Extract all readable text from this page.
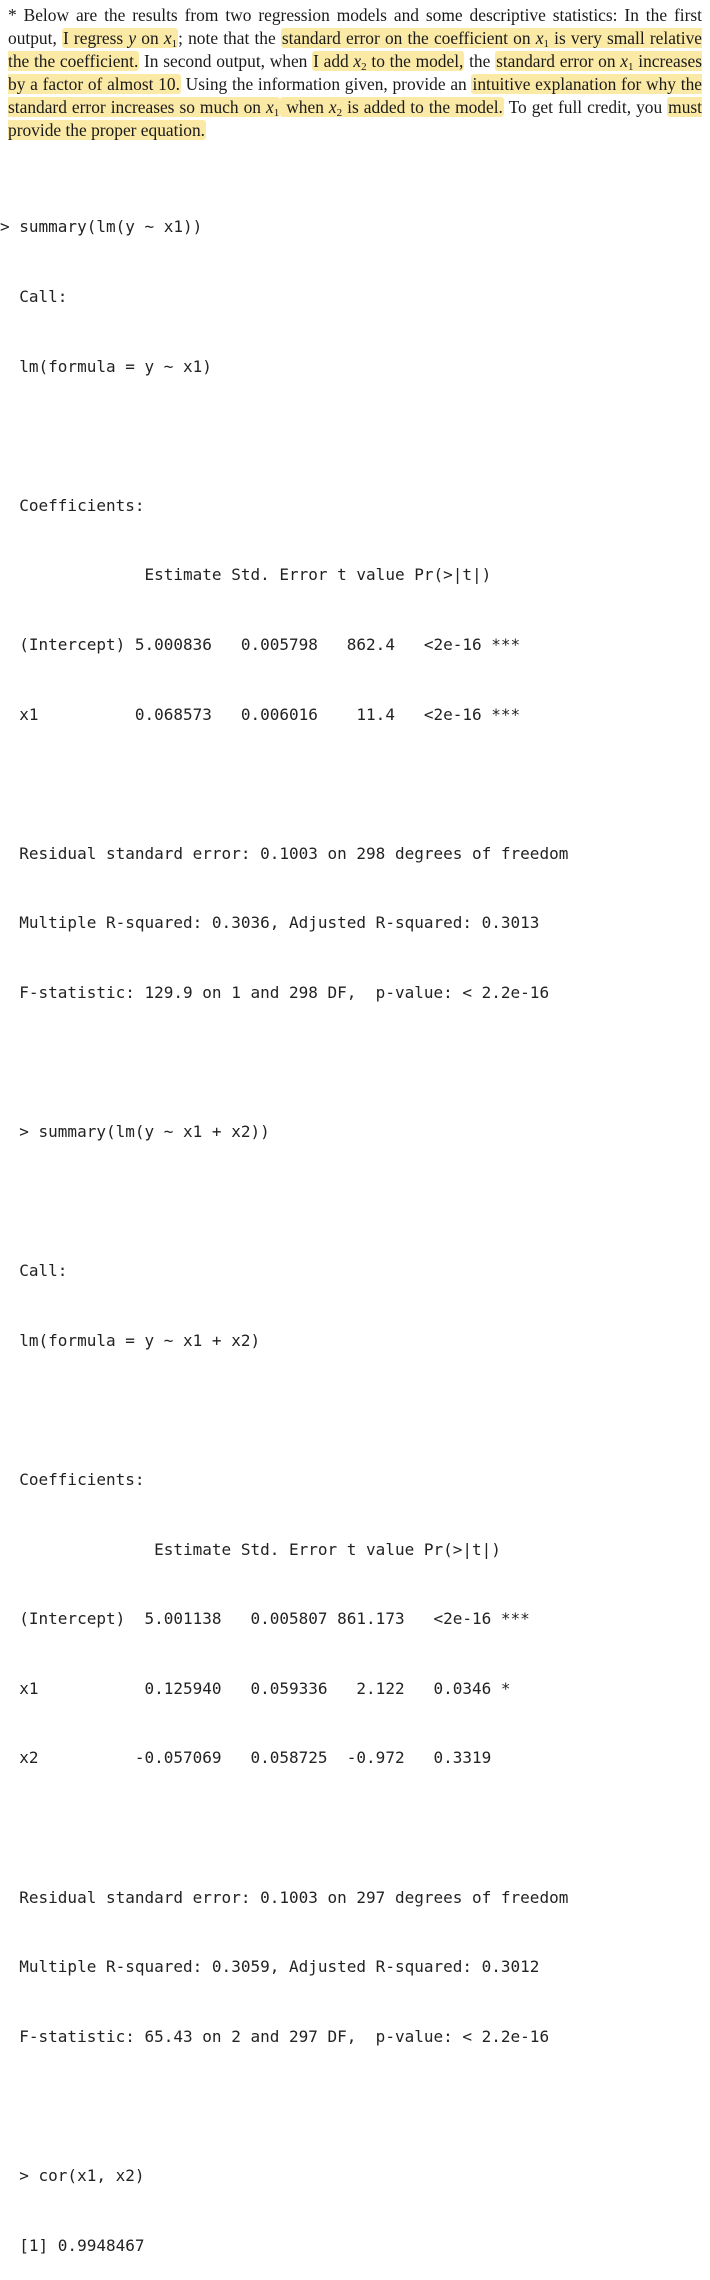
* Below are the results from two regression models and some descriptive statistics: In the first output, I regress y on $x_1$; note that the standard error on the coefficient on $x_1$ is very small relative the the coefficient. In second output, when I add $x_2$ to the model, the standard error on $x_1$ increases by a factor of almost 10. Using the information given, provide an intuitive explanation for why the standard error increases so much on $x_1$ when $x_2$ is added to the model. To get full credit, you must provide the proper equation.

> summary(lm(y ~ x1))

Call:

lm(formula = y ~ x1)

Coefficients:

Estimate Std. Error t value Pr(>|t|)

(Intercept) 5.000836   0.005798   862.4   <2e-16 ***

x1          0.068573   0.006016    11.4   <2e-16 ***

Residual standard error: 0.1003 on 298 degrees of freedom

Multiple R-squared: 0.3036, Adjusted R-squared: 0.3013

F-statistic: 129.9 on 1 and 298 DF,  p-value: < 2.2e-16

> summary(lm(y ~ x1 + x2))

Call:

lm(formula = y ~ x1 + x2)

Coefficients:

Estimate Std. Error t value Pr(>|t|)

(Intercept)  5.001138   0.005807 861.173   <2e-16 ***

x1           0.125940   0.059336   2.122   0.0346 *

x2          -0.057069   0.058725  -0.972   0.3319

Residual standard error: 0.1003 on 297 degrees of freedom

Multiple R-squared: 0.3059, Adjusted R-squared: 0.3012

F-statistic: 65.43 on 2 and 297 DF,  p-value: < 2.2e-16

> cor(x1, x2)

[1] 0.9948467
